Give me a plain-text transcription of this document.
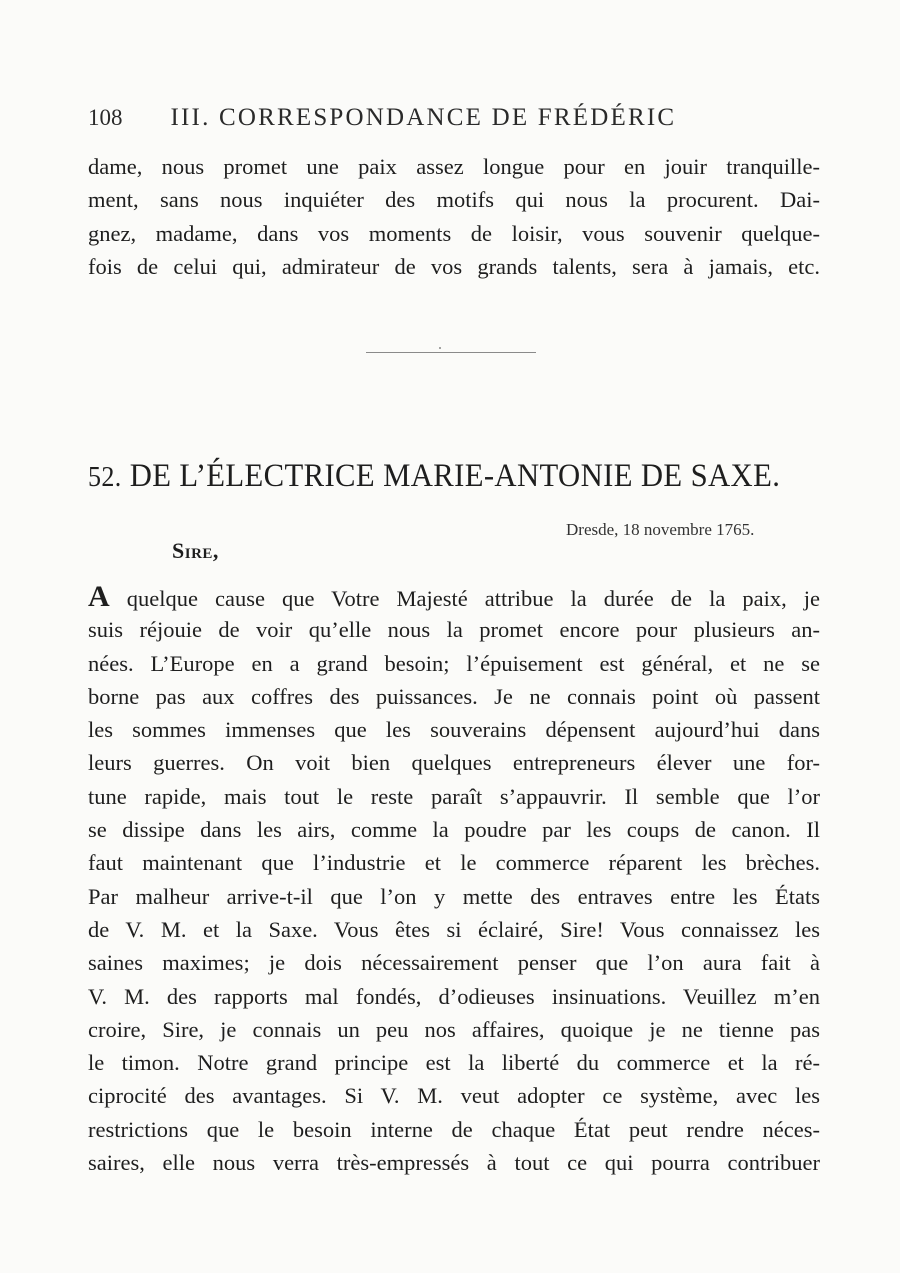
108 III. CORRESPONDANCE DE FRÉDÉRIC
dame, nous promet une paix assez longue pour en jouir tranquille-
ment, sans nous inquiéter des motifs qui nous la procurent. Dai-
gnez, madame, dans vos moments de loisir, vous souvenir quelque-
fois de celui qui, admirateur de vos grands talents, sera à jamais, etc.
52. DE L’ÉLECTRICE MARIE-ANTONIE DE SAXE.
Dresde, 18 novembre 1765.
Sire,
A quelque cause que Votre Majesté attribue la durée de la paix, je
suis réjouie de voir qu’elle nous la promet encore pour plusieurs an-
nées. L’Europe en a grand besoin; l’épuisement est général, et ne se
borne pas aux coffres des puissances. Je ne connais point où passent
les sommes immenses que les souverains dépensent aujourd’hui dans
leurs guerres. On voit bien quelques entrepreneurs élever une for-
tune rapide, mais tout le reste paraît s’appauvrir. Il semble que l’or
se dissipe dans les airs, comme la poudre par les coups de canon. Il
faut maintenant que l’industrie et le commerce réparent les brèches.
Par malheur arrive-t-il que l’on y mette des entraves entre les États
de V. M. et la Saxe. Vous êtes si éclairé, Sire! Vous connaissez les
saines maximes; je dois nécessairement penser que l’on aura fait à
V. M. des rapports mal fondés, d’odieuses insinuations. Veuillez m’en
croire, Sire, je connais un peu nos affaires, quoique je ne tienne pas
le timon. Notre grand principe est la liberté du commerce et la ré-
ciprocité des avantages. Si V. M. veut adopter ce système, avec les
restrictions que le besoin interne de chaque État peut rendre néces-
saires, elle nous verra très-empressés à tout ce qui pourra contribuer
